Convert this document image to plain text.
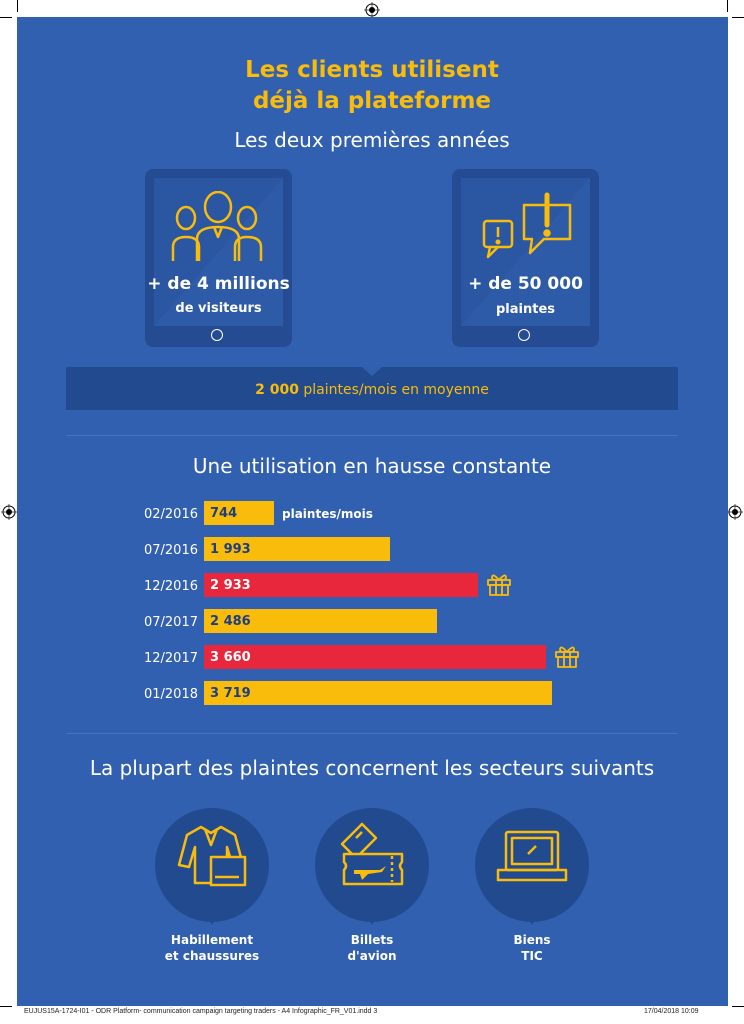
Les clients utilisent
déjà la plateforme
Les deux premières années
+ de 4 millions
de visiteurs
+ de 50 000
plaintes
2 000 plaintes/mois en moyenne
Une utilisation en hausse constante
02/2016 744
07/2016 1 993
12/2016 2 933
07/2017 2 486
12/2017 3 660
01/2018 3 719
plaintes/mois
La plupart des plaintes concernent les secteurs suivants
Habillement
et chaussures
Billets
d'avion
Biens
TIC
EUJUS15A-1724-I01 - ODR Platform- communication campaign targeting traders - A4 Infographic_FR_V01.indd 3	17/04/2018 10:09
